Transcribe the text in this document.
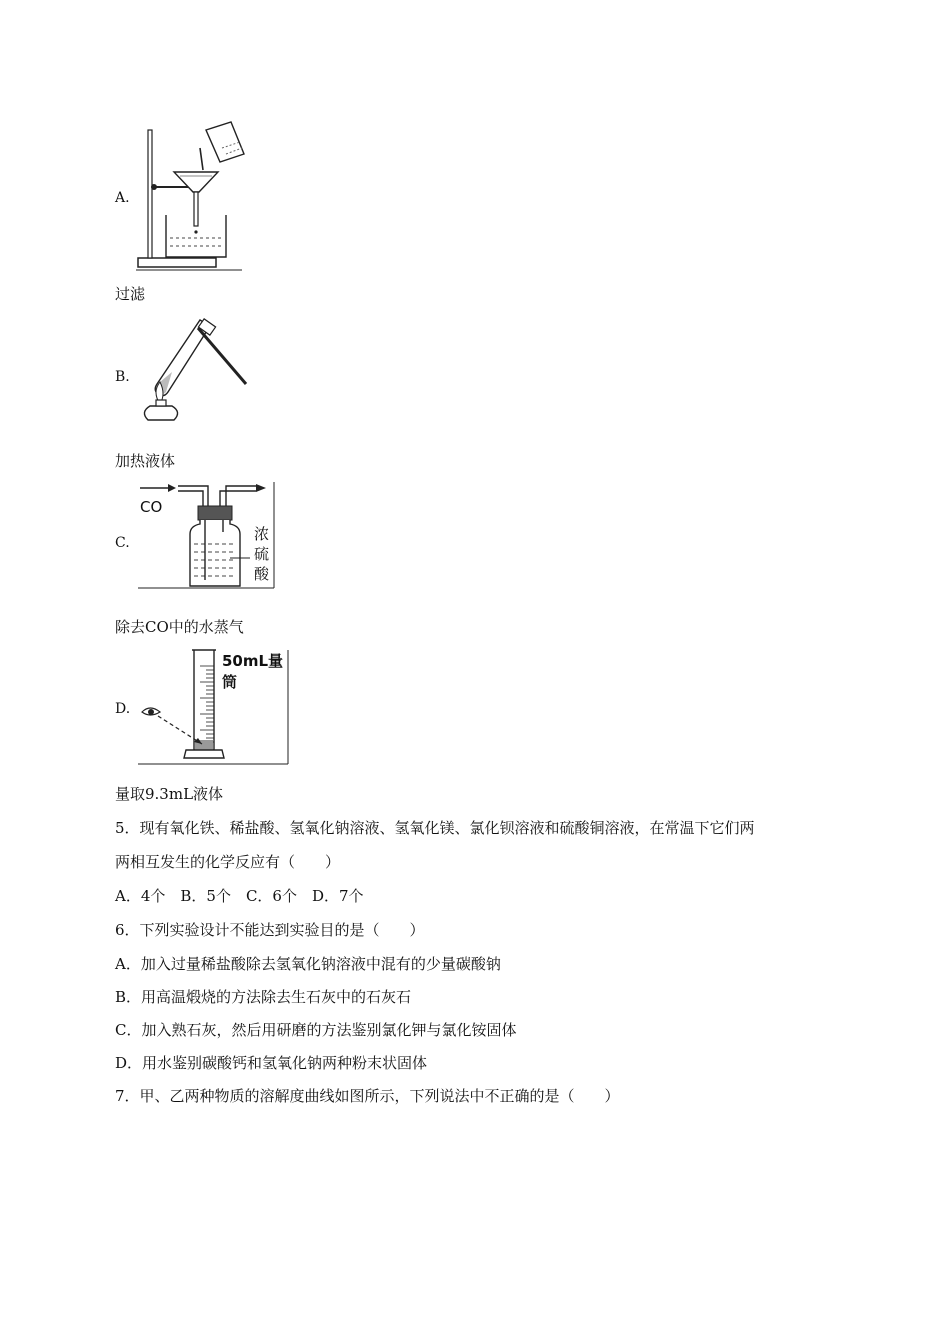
A.
过滤
B.
加热液体
C.
CO
浓
硫
酸
除去CO中的水蒸气
D.
50mL量筒
量取9.3mL液体
5．现有氧化铁、稀盐酸、氢氧化钠溶液、氢氧化镁、氯化钡溶液和硫酸铜溶液，在常温下它们两
两相互发生的化学反应有（　　）
A．4个　B．5个　C．6个　D．7个
6．下列实验设计不能达到实验目的是（　　）
A．加入过量稀盐酸除去氢氧化钠溶液中混有的少量碳酸钠
B．用高温煅烧的方法除去生石灰中的石灰石
C．加入熟石灰，然后用研磨的方法鉴别氯化钾与氯化铵固体
D．用水鉴别碳酸钙和氢氧化钠两种粉末状固体
7．甲、乙两种物质的溶解度曲线如图所示，下列说法中不正确的是（　　）
